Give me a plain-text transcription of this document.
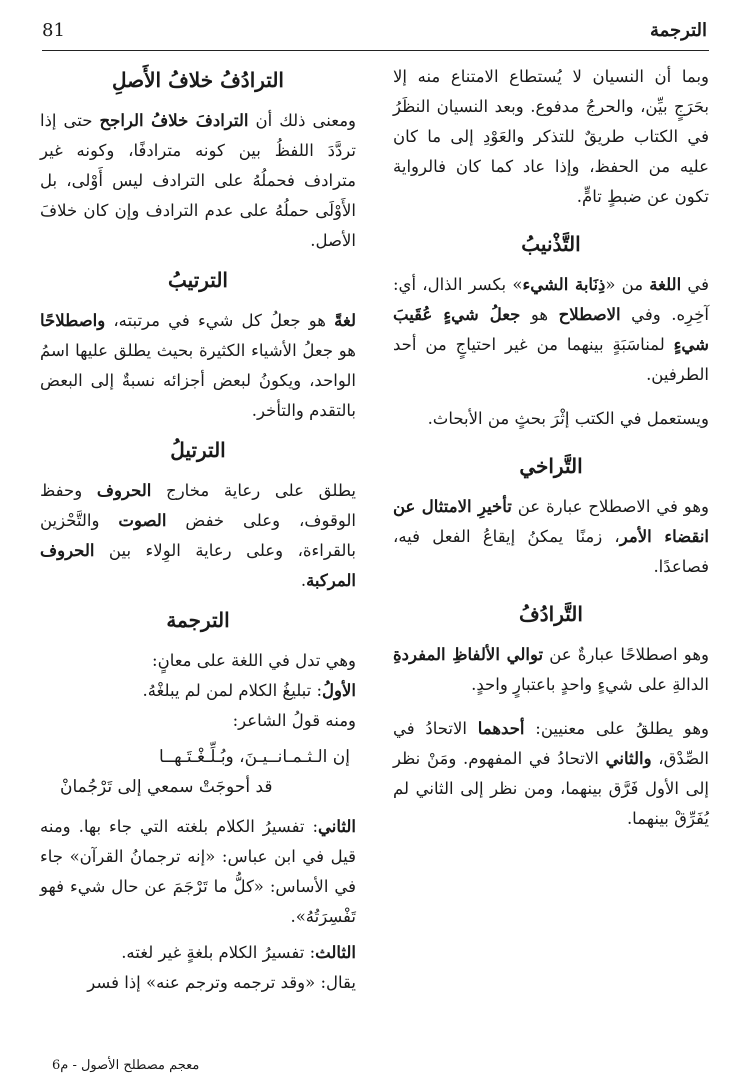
الترجمة
81

وبما أن النسيان لا يُستطاع الامتناع منه إلا بحَرَجٍ بيِّن، والحرجُ مدفوع. وبعد النسيان النظَرُ في الكتاب طريقٌ للتذكر والعَوْدِ إلى ما كان عليه من الحفظ، وإذا عاد كما كان فالرواية تكون عن ضبطٍ تامٍّ.

التَّذْنيبُ

في اللغة من «ذِنَابة الشيء» بكسر الذال، أي: آخِرِه. وفي الاصطلاح هو جعلُ شيءٍ عُقَيبَ شيءٍ لمناسَبَةٍ بينهما من غير احتياجٍ من أحد الطرفين.

ويستعمل في الكتب إثْرَ بحثٍ من الأبحاث.

التَّراخي

وهو في الاصطلاح عبارة عن تأخيرِ الامتثال عن انقضاء الأمر، زمنًا يمكنُ إيقاعُ الفعل فيه، فصاعدًا.

التَّرادُفُ

وهو اصطلاحًا عبارةٌ عن توالي الألفاظِ المفردةِ الدالةِ على شيءٍ واحدٍ باعتبارٍ واحدٍ.

وهو يطلقُ على معنيين: أحدهما الاتحادُ في الصِّدْق، والثاني الاتحادُ في المفهوم. ومَنْ نظر إلى الأول فَرَّق بينهما، ومن نظر إلى الثاني لم يُفَرِّقْ بينهما.

الترادُفُ خلافُ الأَصلِ

ومعنى ذلك أن الترادفَ خلافُ الراجح حتى إذا تردَّدَ اللفظُ بين كونه مترادفًا، وكونه غير مترادف فحملُهُ على الترادف ليس أَوْلى، بل الأَوْلَى حملُهُ على عدم الترادف وإن كان خلافَ الأصل.

الترتيبُ

لغةً هو جعلُ كل شيء في مرتبته، واصطلاحًا هو جعلُ الأشياء الكثيرة بحيث يطلق عليها اسمُ الواحد، ويكونُ لبعض أجزائه نسبةٌ إلى البعض بالتقدم والتأخر.

الترتيلُ

يطلق على رعاية مخارج الحروف وحفظ الوقوف، وعلى خفض الصوت والتَّحْزين بالقراءة، وعلى رعاية الوِلاء بين الحروف المركبة.

الترجمة

وهي تدل في اللغة على معانٍ:

الأولُ: تبليغُ الكلام لمن لم يبلغْهُ.

ومنه قولُ الشاعر:

إن الـثـمـانــيـنَ، وبُـلِّـغْـتَـهــا
قد أحوجَتْ سمعي إلى تَرْجُمانْ

الثاني: تفسيرُ الكلام بلغته التي جاء بها. ومنه قيل في ابن عباس: «إنه ترجمانُ القرآن» جاء في الأساس: «كلُّ ما تَرْجَمَ عن حال شيء فهو تَفْسِرَتُهُ».

الثالث: تفسيرُ الكلام بلغةٍ غير لغته.

يقال: «وقد ترجمه وترجم عنه» إذا فسر

معجم مصطلح الأصول - م6
